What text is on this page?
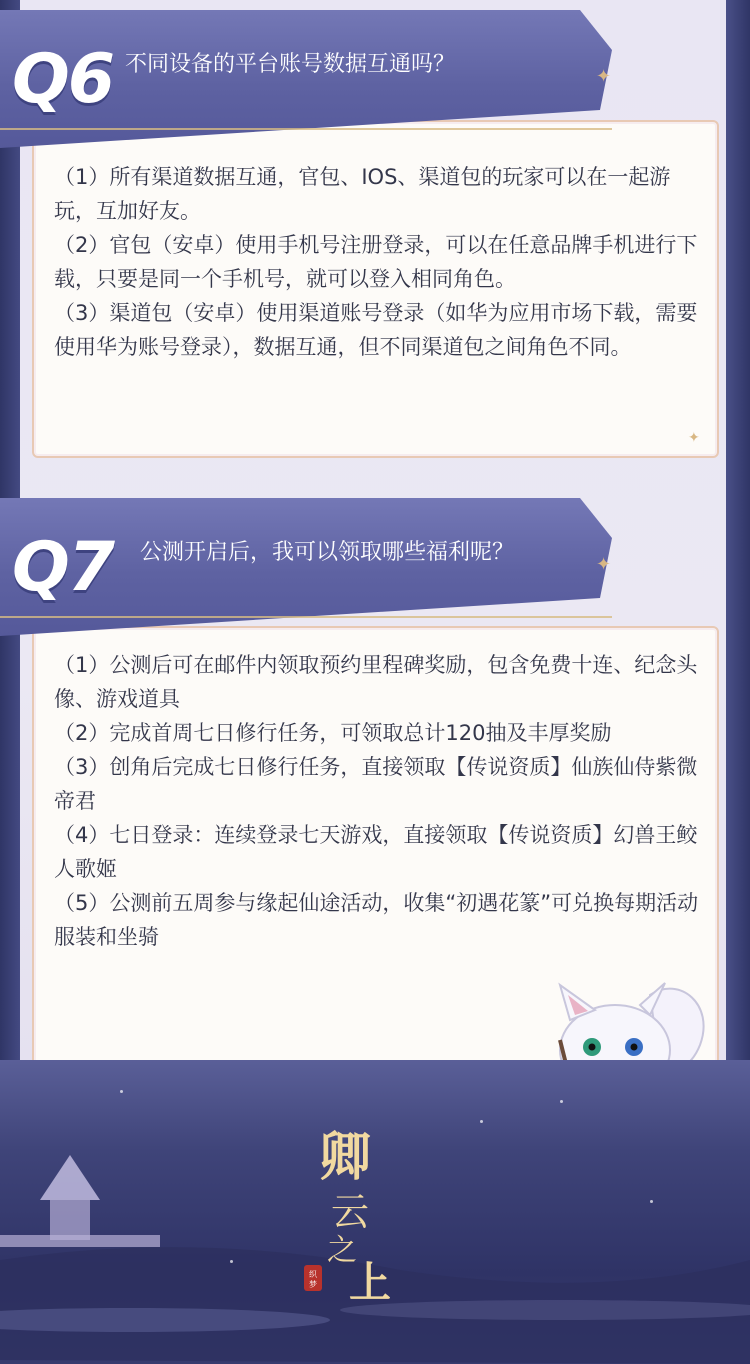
Q6 不同设备的平台账号数据互通吗？	✦
✦

（1）所有渠道数据互通，官包、IOS、渠道包的玩家可以在一起游玩，互加好友。

（2）官包（安卓）使用手机号注册登录，可以在任意品牌手机进行下载，只要是同一个手机号，就可以登入相同角色。

（3）渠道包（安卓）使用渠道账号登录（如华为应用市场下载，需要使用华为账号登录），数据互通，但不同渠道包之间角色不同。

Q7 公测开启后，我可以领取哪些福利呢？	✦

（1）公测后可在邮件内领取预约里程碑奖励，包含免费十连、纪念头像、游戏道具

（2）完成首周七日修行任务，可领取总计120抽及丰厚奖励

（3）创角后完成七日修行任务，直接领取【传说资质】仙族仙侍紫微帝君

（4）七日登录：连续登录七天游戏，直接领取【传说资质】幻兽王鲛人歌姬

（5）公测前五周参与缘起仙途活动，收集“初遇花篆”可兑换每期活动服装和坐骑

卿
云
之
上
织
梦
